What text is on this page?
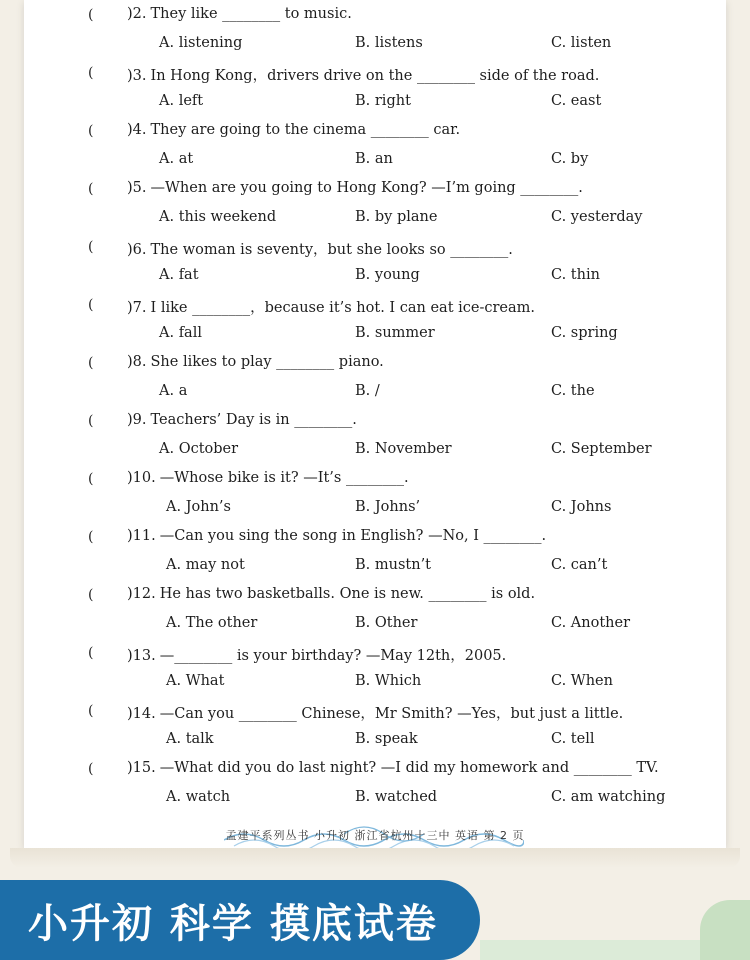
( )2. They like ________ to music.
A. listening	B. listens	C. listen
( )3. In Hong Kong，drivers drive on the ________ side of the road.
A. left	B. right	C. east
( )4. They are going to the cinema ________ car.
A. at	B. an	C. by
( )5. —When are you going to Hong Kong? —I’m going ________.
A. this weekend	B. by plane	C. yesterday
( )6. The woman is seventy，but she looks so ________.
A. fat	B. young	C. thin
( )7. I like ________，because it’s hot. I can eat ice-cream.
A. fall	B. summer	C. spring
( )8. She likes to play ________ piano.
A. a	B. /	C. the
( )9. Teachers’ Day is in ________.
A. October	B. November	C. September
( )10. —Whose bike is it? —It’s ________.
A. John’s	B. Johns’	C. Johns
( )11. —Can you sing the song in English? —No, I ________.
A. may not	B. mustn’t	C. can’t
( )12. He has two basketballs. One is new. ________ is old.
A. The other	B. Other	C. Another
( )13. —________ is your birthday? —May 12th，2005.
A. What	B. Which	C. When
( )14. —Can you ________ Chinese，Mr Smith? —Yes，but just a little.
A. talk	B. speak	C. tell
( )15. —What did you do last night? —I did my homework and ________ TV.
A. watch	B. watched	C. am watching
孟建平系列丛书 小升初 浙江省杭州十三中 英语 第 2 页
小升初 科学 摸底试卷
